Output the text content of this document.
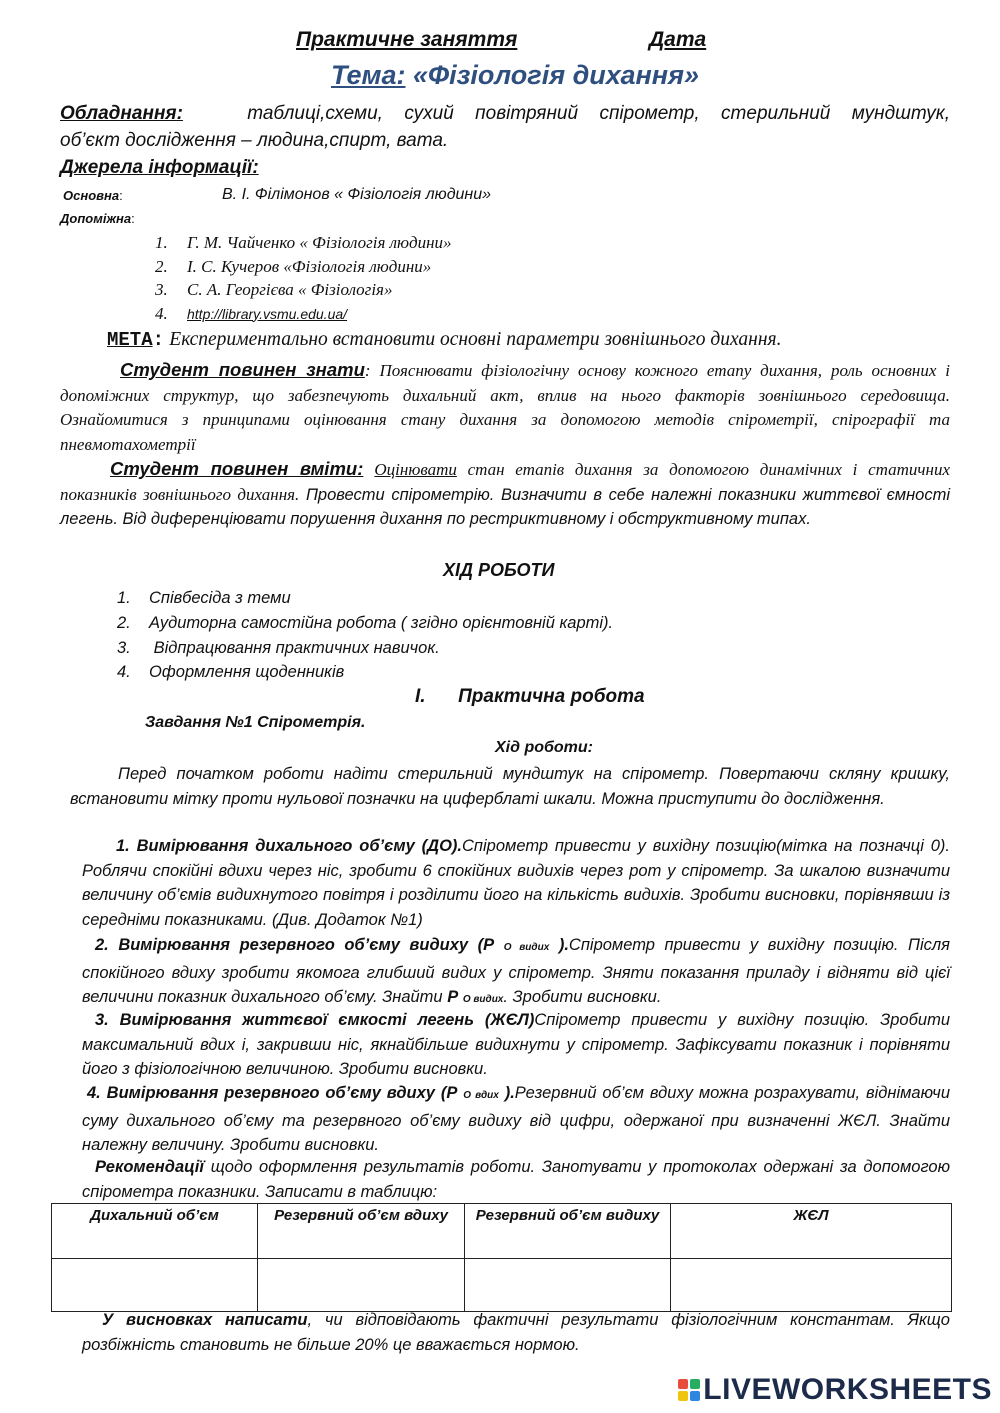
Практичне заняття	Дата
Тема: «Фізіологія дихання»
Обладнання:	таблиці,схеми, сухий повітряний спірометр, стерильний мундштук,
об’єкт дослідження – людина,спирт, вата.
Джерела інформації:
Основна:	В. І. Філімонов « Фізіологія людини»
Допоміжна:
1. Г. М. Чайченко « Фізіологія людини»
2. І. С. Кучеров «Фізіологія людини»
3. С. А. Георгієва « Фізіологія»
4. http://library.vsmu.edu.ua/
МЕТА: Експериментально встановити основні параметри зовнішнього дихання.
Студент повинен знати: Пояснювати фізіологічну основу кожного етапу дихання, роль основних і допоміжних структур, що забезпечують дихальний акт, вплив на нього факторів зовнішнього середовища. Ознайомитися з принципами оцінювання стану дихання за допомогою методів спірометрії, спірографії та пневмотахометрії
Студент повинен вміти: Оцінювати стан етапів дихання за допомогою динамічних і статичних показників зовнішнього дихання. Провести спірометрію. Визначити в себе належні показники життєвої ємності легень. Від диференціювати порушення дихання по рестриктивному і обструктивному типах.
ХІД РОБОТИ
1. Співбесіда з теми
2. Аудиторна самостійна робота ( згідно орієнтовній карті).
3. Відпрацювання практичних навичок.
4. Оформлення щоденників
I. Практична робота
Завдання №1 Спірометрія.
Хід роботи:
Перед початком роботи надіти стерильний мундштук на спірометр. Повертаючи скляну кришку, встановити мітку проти нульової позначки на циферблаті шкали. Можна приступити до дослідження.
1. Вимірювання дихального об’єму (ДО).Спірометр привести у вихідну позицію(мітка на позначці 0). Роблячи спокійні вдихи через ніс, зробити 6 спокійних видихів через рот у спірометр. За шкалою визначити величину об’ємів видихнутого повітря і розділити його на кількість видихів. Зробити висновки, порівнявши із середніми показниками. (Див. Додаток №1)
2. Вимірювання резервного об’єму видиху (Р О видих ).Спірометр привести у вихідну позицію. Після спокійного вдиху зробити якомога глибший видих у спірометр. Зняти показання приладу і відняти від цієї величини показник дихального об’єму. Знайти Р О видих. Зробити висновки.
3. Вимірювання життєвої ємкості легень (ЖЄЛ)Спірометр привести у вихідну позицію. Зробити максимальний вдих і, закривши ніс, якнайбільше видихнути у спірометр. Зафіксувати показник і порівняти його з фізіологічною величиною. Зробити висновки.
4. Вимірювання резервного об’єму вдиху (Р О вдих ).Резервний об’єм вдиху можна розрахувати, віднімаючи суму дихального об’єму та резервного об’єму видиху від цифри, одержаної при визначенні ЖЄЛ. Знайти належну величину. Зробити висновки.
Рекомендації щодо оформлення результатів роботи. Занотувати у протоколах одержані за допомогою спірометра показники. Записати в таблицю:
Дихальний об’єм	Резервний об’єм вдиху	Резервний об’єм видиху	ЖЄЛ

У висновках написати, чи відповідають фактичні результати фізіологічним константам. Якщо розбіжність становить не більше 20% це вважається нормою.
LIVEWORKSHEETS
